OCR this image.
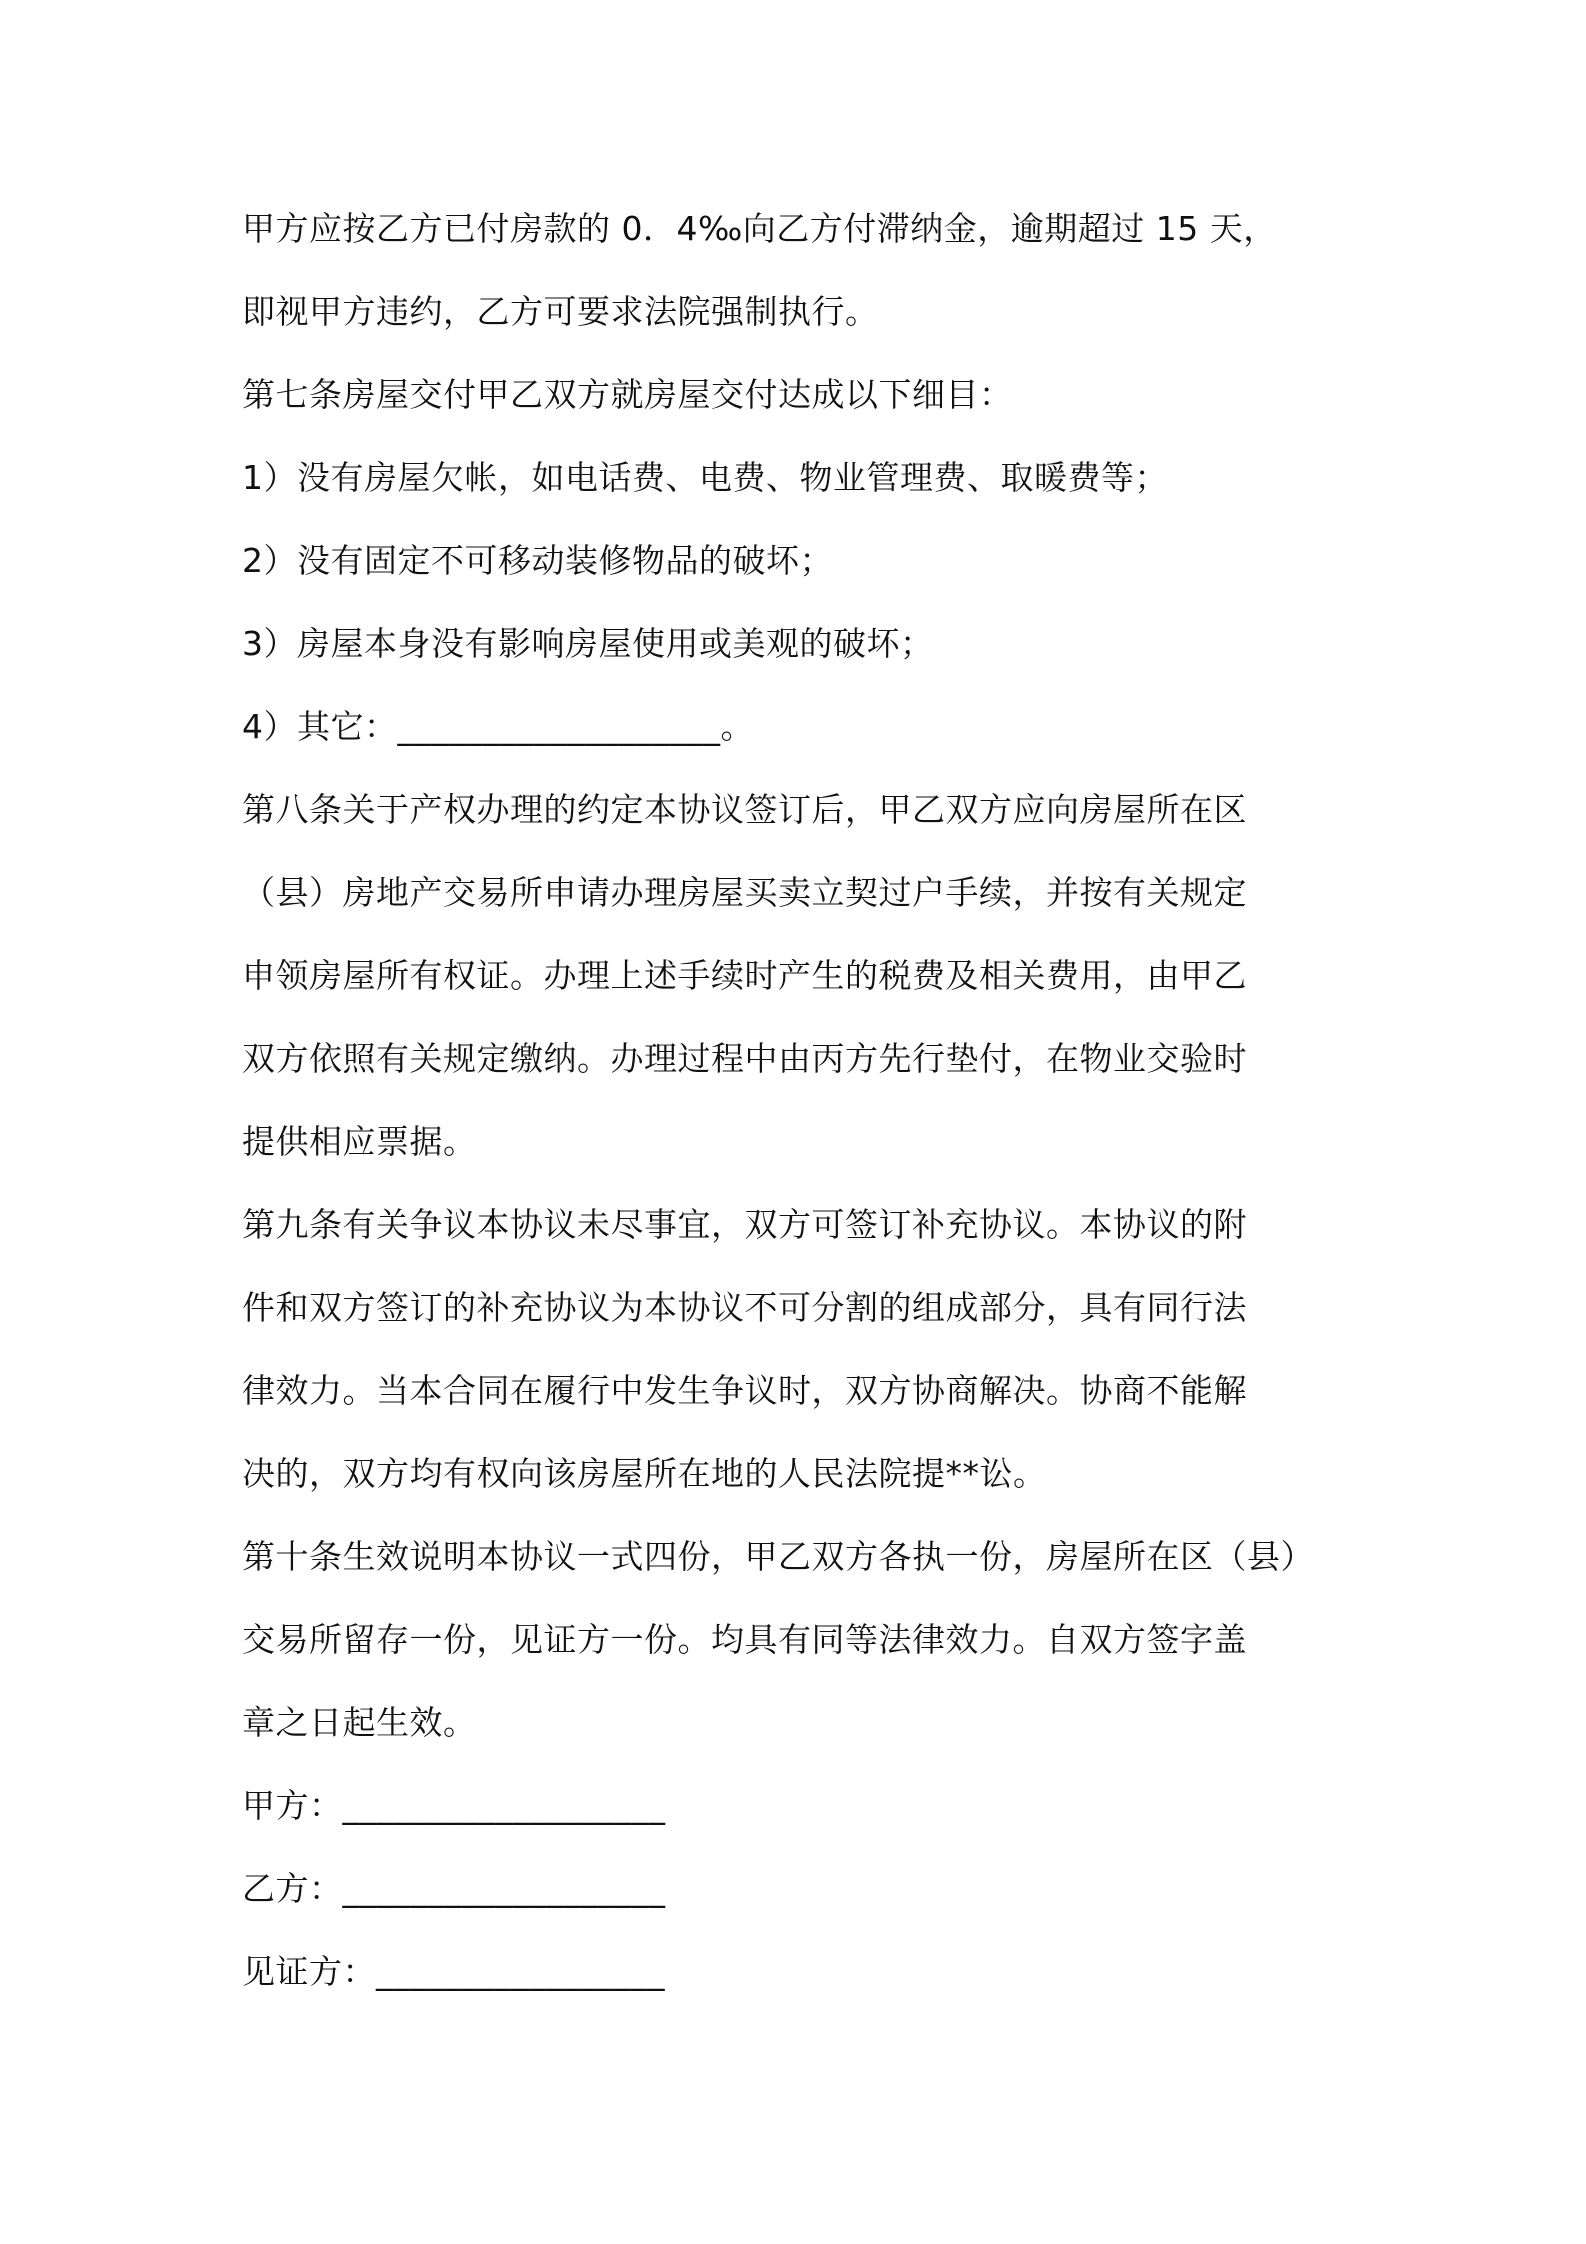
甲方应按乙方已付房款的 0．4‰向乙方付滞纳金，逾期超过 15 天，
即视甲方违约，乙方可要求法院强制执行。
第七条房屋交付甲乙双方就房屋交付达成以下细目：
1）没有房屋欠帐，如电话费、电费、物业管理费、取暖费等；
2）没有固定不可移动装修物品的破坏；
3）房屋本身没有影响房屋使用或美观的破坏；
4）其它：___________________。
第八条关于产权办理的约定本协议签订后，甲乙双方应向房屋所在区
（县）房地产交易所申请办理房屋买卖立契过户手续，并按有关规定
申领房屋所有权证。办理上述手续时产生的税费及相关费用，由甲乙
双方依照有关规定缴纳。办理过程中由丙方先行垫付，在物业交验时
提供相应票据。
第九条有关争议本协议未尽事宜，双方可签订补充协议。本协议的附
件和双方签订的补充协议为本协议不可分割的组成部分，具有同行法
律效力。当本合同在履行中发生争议时，双方协商解决。协商不能解
决的，双方均有权向该房屋所在地的人民法院提**讼。
第十条生效说明本协议一式四份，甲乙双方各执一份，房屋所在区（县）
交易所留存一份，见证方一份。均具有同等法律效力。自双方签字盖
章之日起生效。
甲方：___________________
乙方：___________________
见证方：_________________
